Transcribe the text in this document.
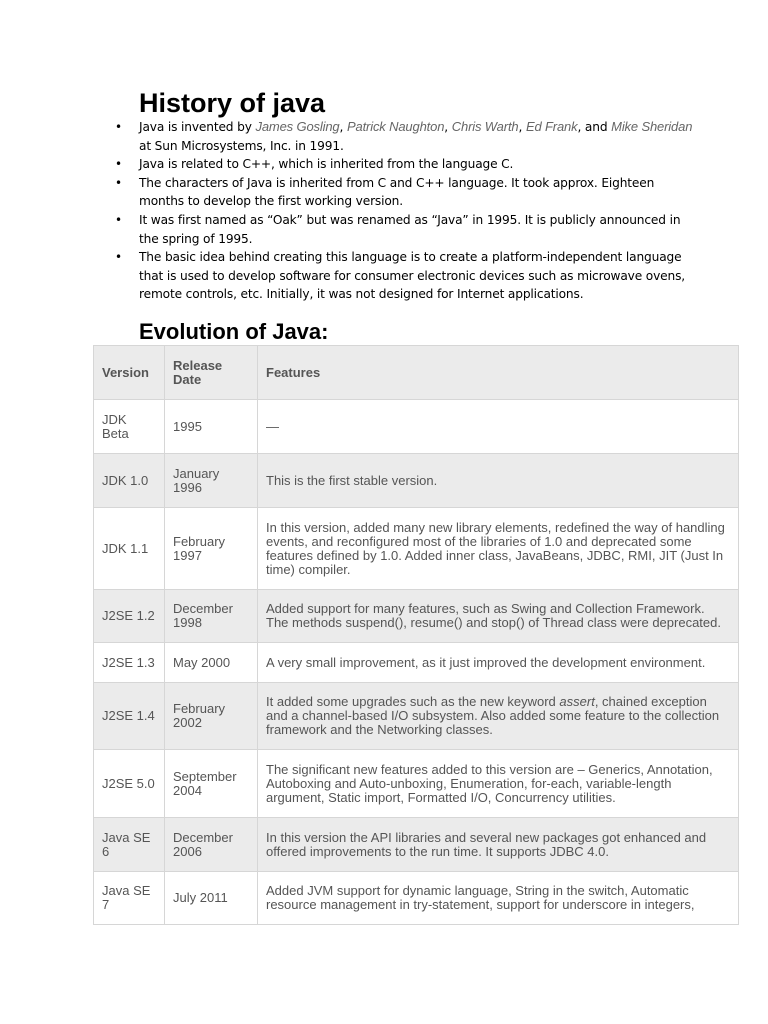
History of java
• Java is invented by James Gosling, Patrick Naughton, Chris Warth, Ed Frank, and Mike Sheridan at Sun Microsystems, Inc. in 1991.
• Java is related to C++, which is inherited from the language C.
• The characters of Java is inherited from C and C++ language. It took approx. Eighteen months to develop the first working version.
• It was first named as “Oak” but was renamed as “Java” in 1995. It is publicly announced in the spring of 1995.
• The basic idea behind creating this language is to create a platform-independent language that is used to develop software for consumer electronic devices such as microwave ovens, remote controls, etc. Initially, it was not designed for Internet applications.
Evolution of Java:
Version	Release Date	Features
JDK Beta	1995	—
JDK 1.0	January 1996	This is the first stable version.
JDK 1.1	February 1997	In this version, added many new library elements, redefined the way of handling events, and reconfigured most of the libraries of 1.0 and deprecated some features defined by 1.0. Added inner class, JavaBeans, JDBC, RMI, JIT (Just In time) compiler.
J2SE 1.2	December 1998	Added support for many features, such as Swing and Collection Framework. The methods suspend(), resume() and stop() of Thread class were deprecated.
J2SE 1.3	May 2000	A very small improvement, as it just improved the development environment.
J2SE 1.4	February 2002	It added some upgrades such as the new keyword assert, chained exception and a channel-based I/O subsystem. Also added some feature to the collection framework and the Networking classes.
J2SE 5.0	September 2004	The significant new features added to this version are – Generics, Annotation, Autoboxing and Auto-unboxing, Enumeration, for-each, variable-length argument, Static import, Formatted I/O, Concurrency utilities.
Java SE 6	December 2006	In this version the API libraries and several new packages got enhanced and offered improvements to the run time. It supports JDBC 4.0.
Java SE 7	July 2011	Added JVM support for dynamic language, String in the switch, Automatic resource management in try-statement, support for underscore in integers,
